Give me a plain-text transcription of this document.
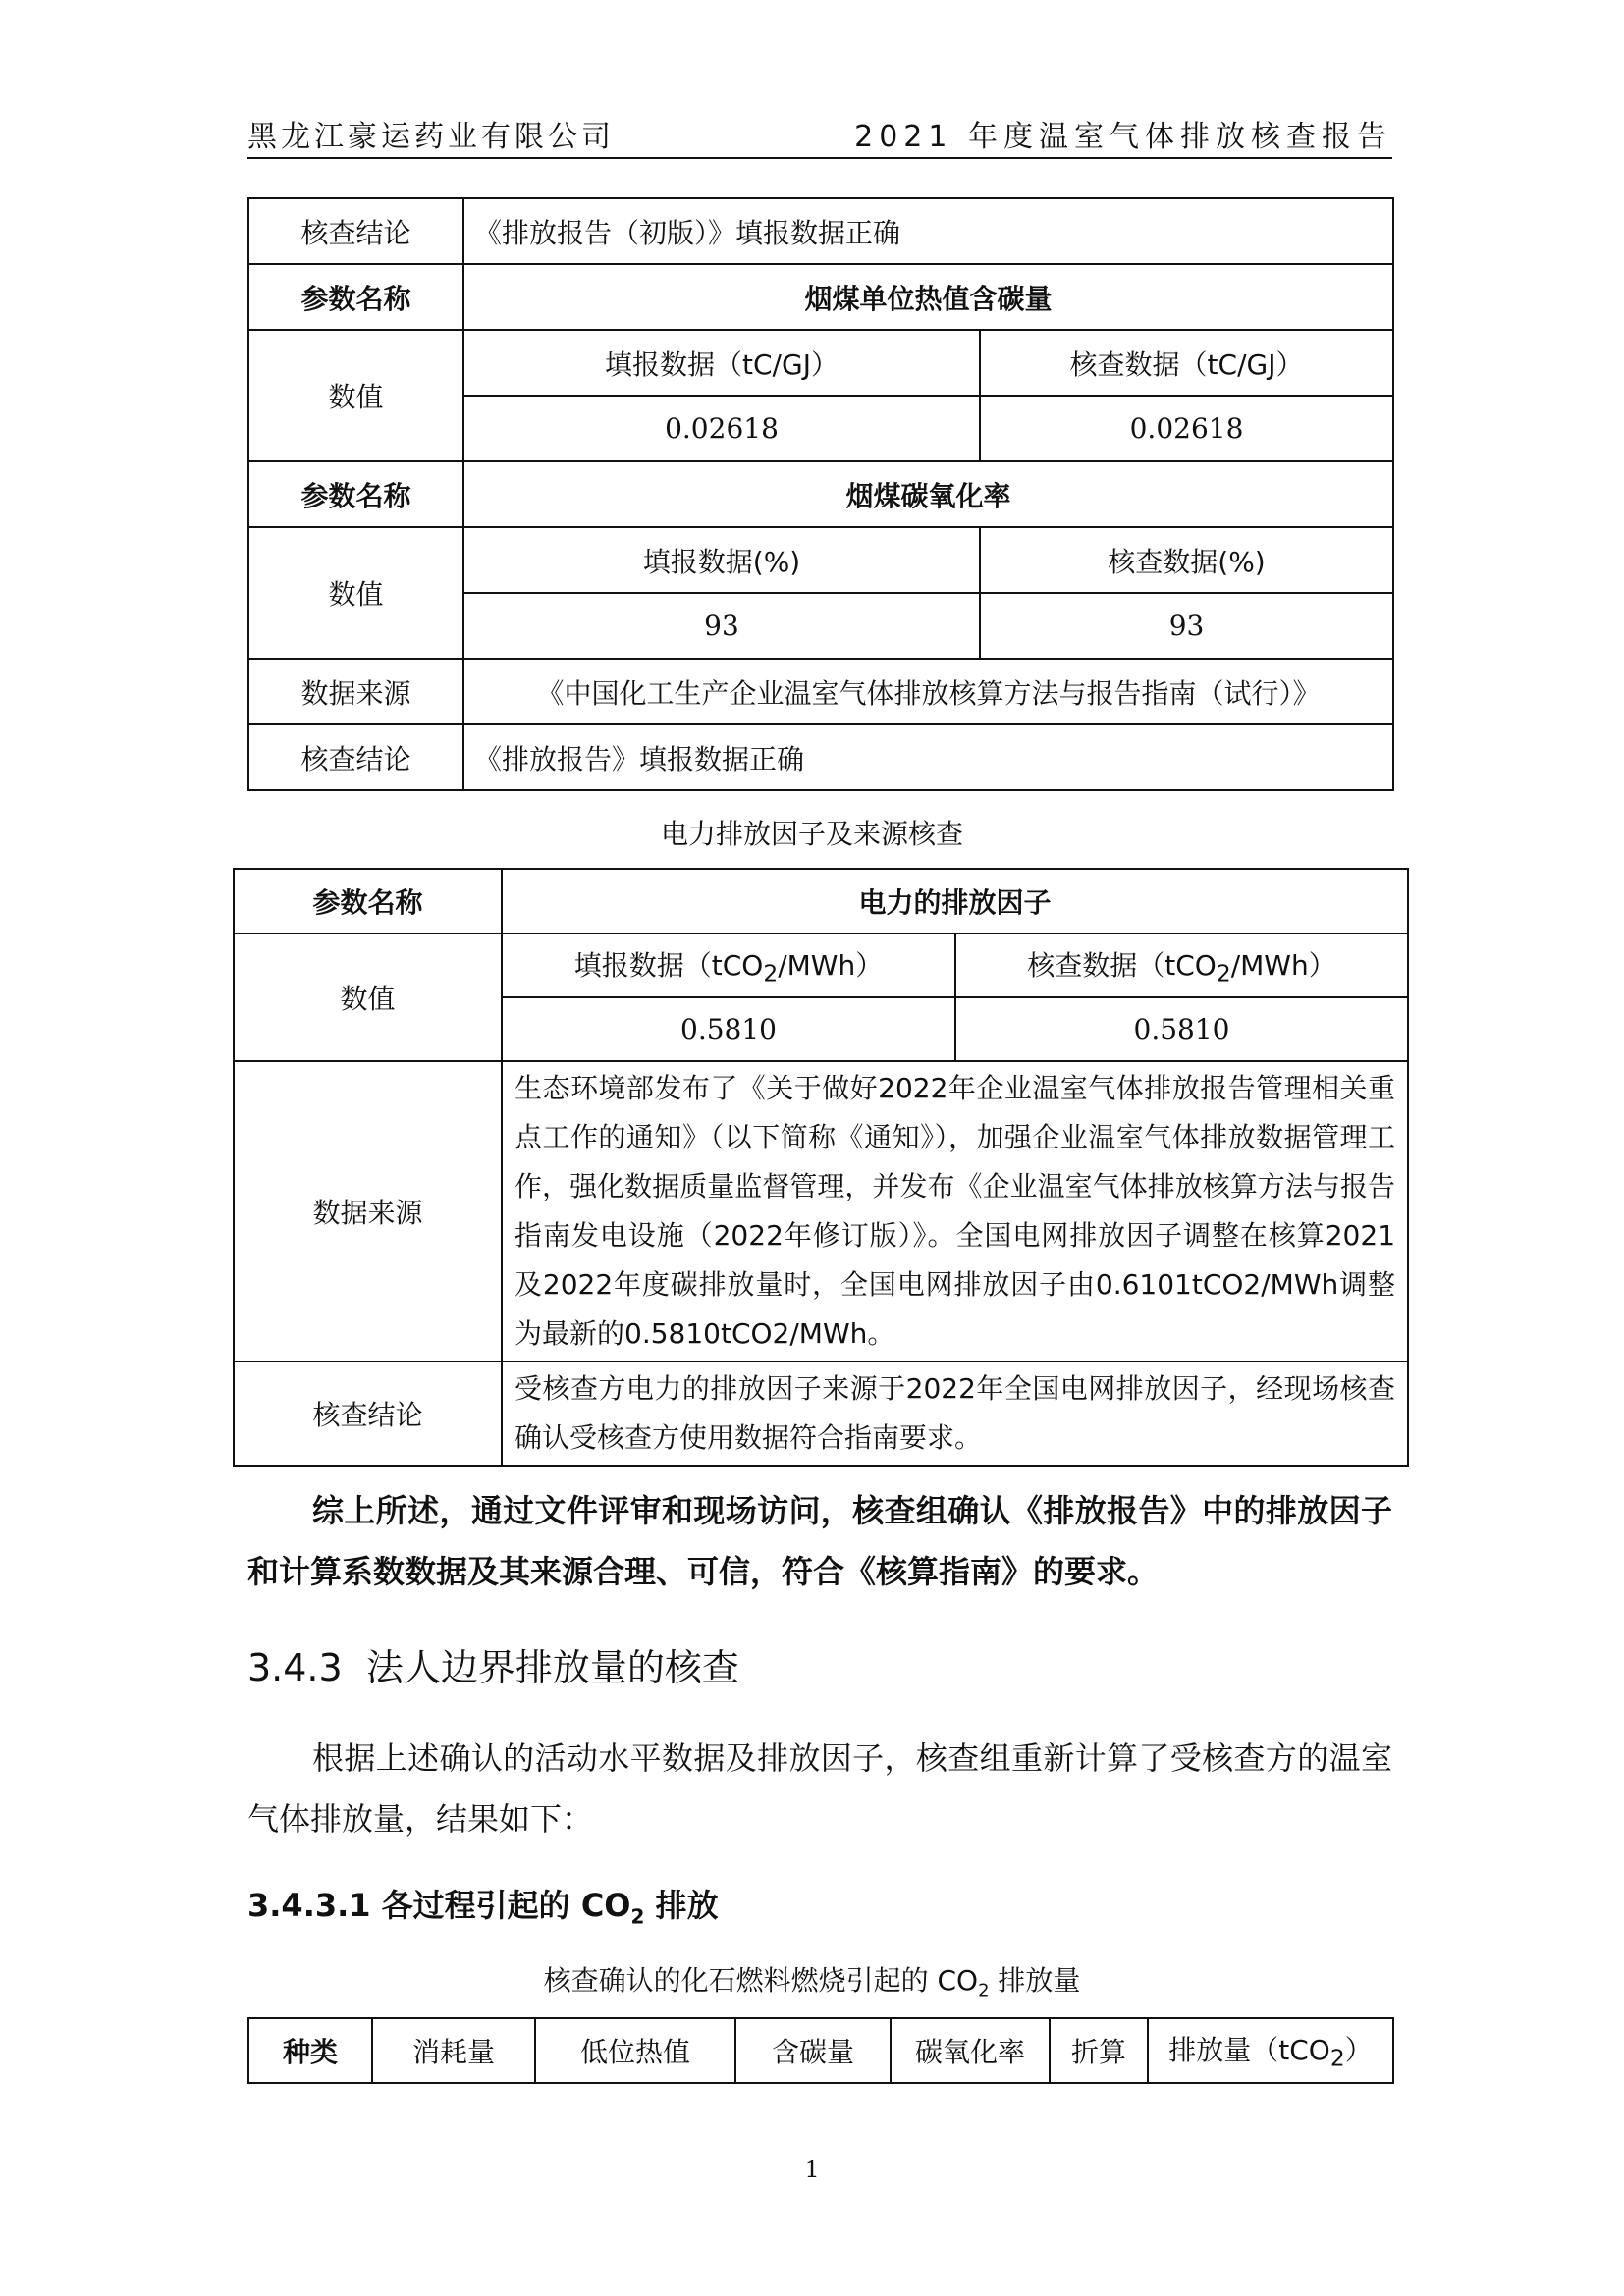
黑龙江豪运药业有限公司	2021 年度温室气体排放核查报告
核查结论	《排放报告（初版）》填报数据正确	
参数名称	烟煤单位热值含碳量	
数值	填报数据（tC/GJ）	核查数据（tC/GJ）
	0.02618	0.02618
参数名称	烟煤碳氧化率	
数值	填报数据(%)	核查数据(%)
	93	93
数据来源	《中国化工生产企业温室气体排放核算方法与报告指南（试行）》	
核查结论	《排放报告》填报数据正确	
电力排放因子及来源核查
参数名称	电力的排放因子	
数值	填报数据（tCO$_2$/MWh）	核查数据（tCO$_2$/MWh）
	0.5810	0.5810
数据来源	生态环境部发布了《关于做好2022年企业温室气体排放报告管理相关重点工作的通知》（以下简称《通知》），加强企业温室气体排放数据管理工作，强化数据质量监督管理，并发布《企业温室气体排放核算方法与报告指南发电设施（2022年修订版）》。全国电网排放因子调整在核算2021及2022年度碳排放量时，全国电网排放因子由0.6101tCO2/MWh调整为最新的0.5810tCO2/MWh。	
核查结论	受核查方电力的排放因子来源于2022年全国电网排放因子，经现场核查确认受核查方使用数据符合指南要求。	
综上所述，通过文件评审和现场访问，核查组确认《排放报告》中的排放因子和计算系数数据及其来源合理、可信，符合《核算指南》的要求。
3.4.3 法人边界排放量的核查
根据上述确认的活动水平数据及排放因子，核查组重新计算了受核查方的温室气体排放量，结果如下：
3.4.3.1 各过程引起的 $CO_2$ 排放
核查确认的化石燃料燃烧引起的 $CO_2$ 排放量
种类	消耗量	低位热值	含碳量	碳氧化率	折算	排放量（tCO$_2$）
1
